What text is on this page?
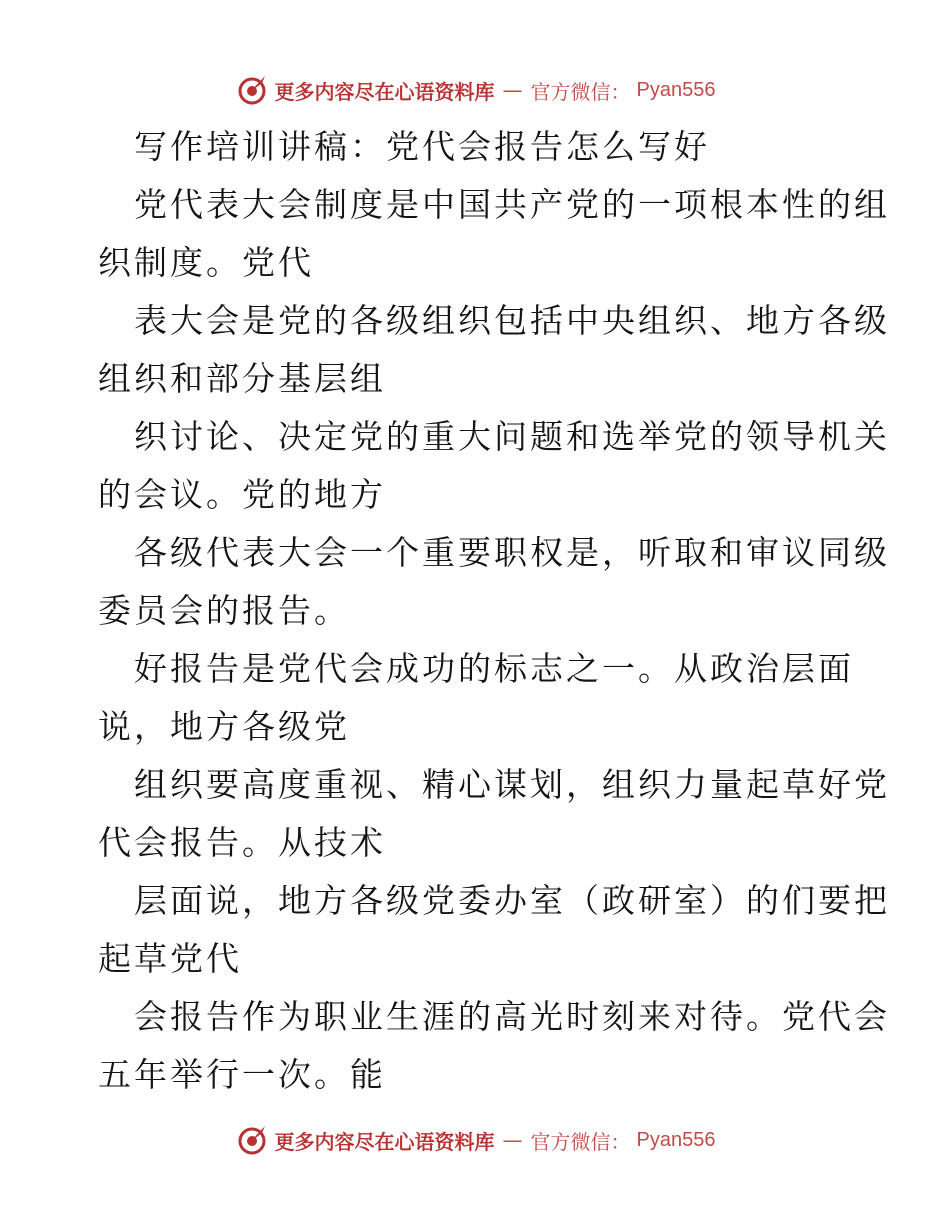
更多内容尽在心语资料库 — 官方微信： Pyan556
写作培训讲稿：党代会报告怎么写好
党代表大会制度是中国共产党的一项根本性的组
织制度。党代
表大会是党的各级组织包括中央组织、地方各级
组织和部分基层组
织讨论、决定党的重大问题和选举党的领导机关
的会议。党的地方
各级代表大会一个重要职权是，听取和审议同级
委员会的报告。
好报告是党代会成功的标志之一。从政治层面
说，地方各级党
组织要高度重视、精心谋划，组织力量起草好党
代会报告。从技术
层面说，地方各级党委办室（政研室）的们要把
起草党代
会报告作为职业生涯的高光时刻来对待。党代会
五年举行一次。能
更多内容尽在心语资料库 — 官方微信： Pyan556
